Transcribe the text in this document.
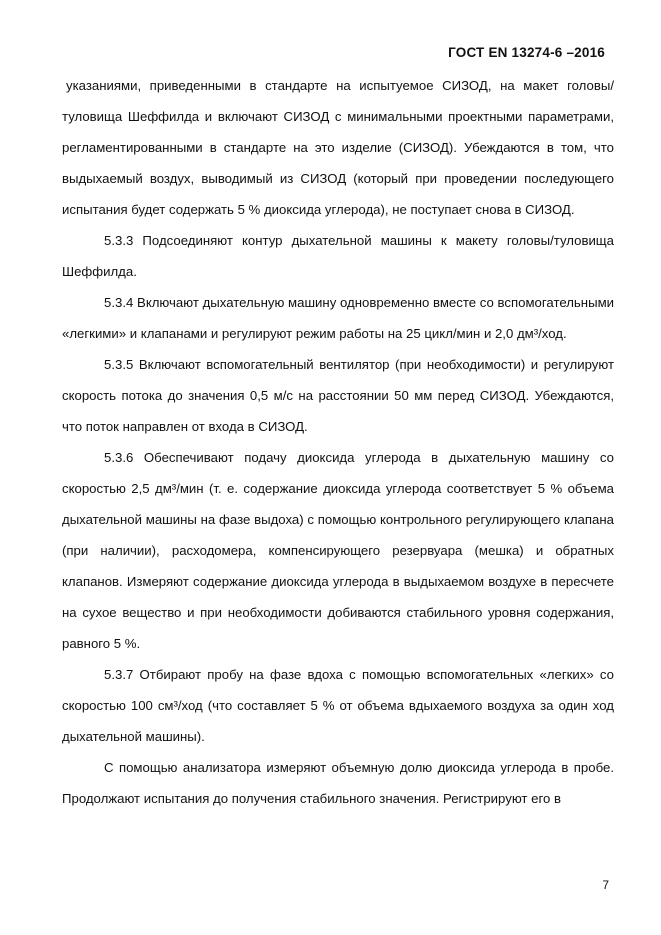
ГОСТ EN 13274-6 –2016

указаниями, приведенными в стандарте на испытуемое СИЗОД, на макет головы/туловища Шеффилда и включают СИЗОД с минимальными проектными параметрами, регламентированными в стандарте на это изделие (СИЗОД). Убеждаются в том, что выдыхаемый воздух, выводимый из СИЗОД (который при проведении последующего испытания будет содержать 5 % диоксида углерода), не поступает снова в СИЗОД.

5.3.3 Подсоединяют контур дыхательной машины к макету головы/туловища Шеффилда.

5.3.4 Включают дыхательную машину одновременно вместе со вспомогательными «легкими» и клапанами и регулируют режим работы на 25 цикл/мин и 2,0 дм³/ход.

5.3.5 Включают вспомогательный вентилятор (при необходимости) и регулируют скорость потока до значения 0,5 м/с на расстоянии 50 мм перед СИЗОД. Убеждаются, что поток направлен от входа в СИЗОД.

5.3.6 Обеспечивают подачу диоксида углерода в дыхательную машину со скоростью 2,5 дм³/мин (т. е. содержание диоксида углерода соответствует 5 % объема дыхательной машины на фазе выдоха) с помощью контрольного регулирующего клапана (при наличии), расходомера, компенсирующего резервуара (мешка) и обратных клапанов. Измеряют содержание диоксида углерода в выдыхаемом воздухе в пересчете на сухое вещество и при необходимости добиваются стабильного уровня содержания, равного 5 %.

5.3.7 Отбирают пробу на фазе вдоха с помощью вспомогательных «легких» со скоростью 100 см³/ход (что составляет 5 % от объема вдыхаемого воздуха за один ход дыхательной машины).

С помощью анализатора измеряют объемную долю диоксида углерода в пробе. Продолжают испытания до получения стабильного значения. Регистрируют его в

7
